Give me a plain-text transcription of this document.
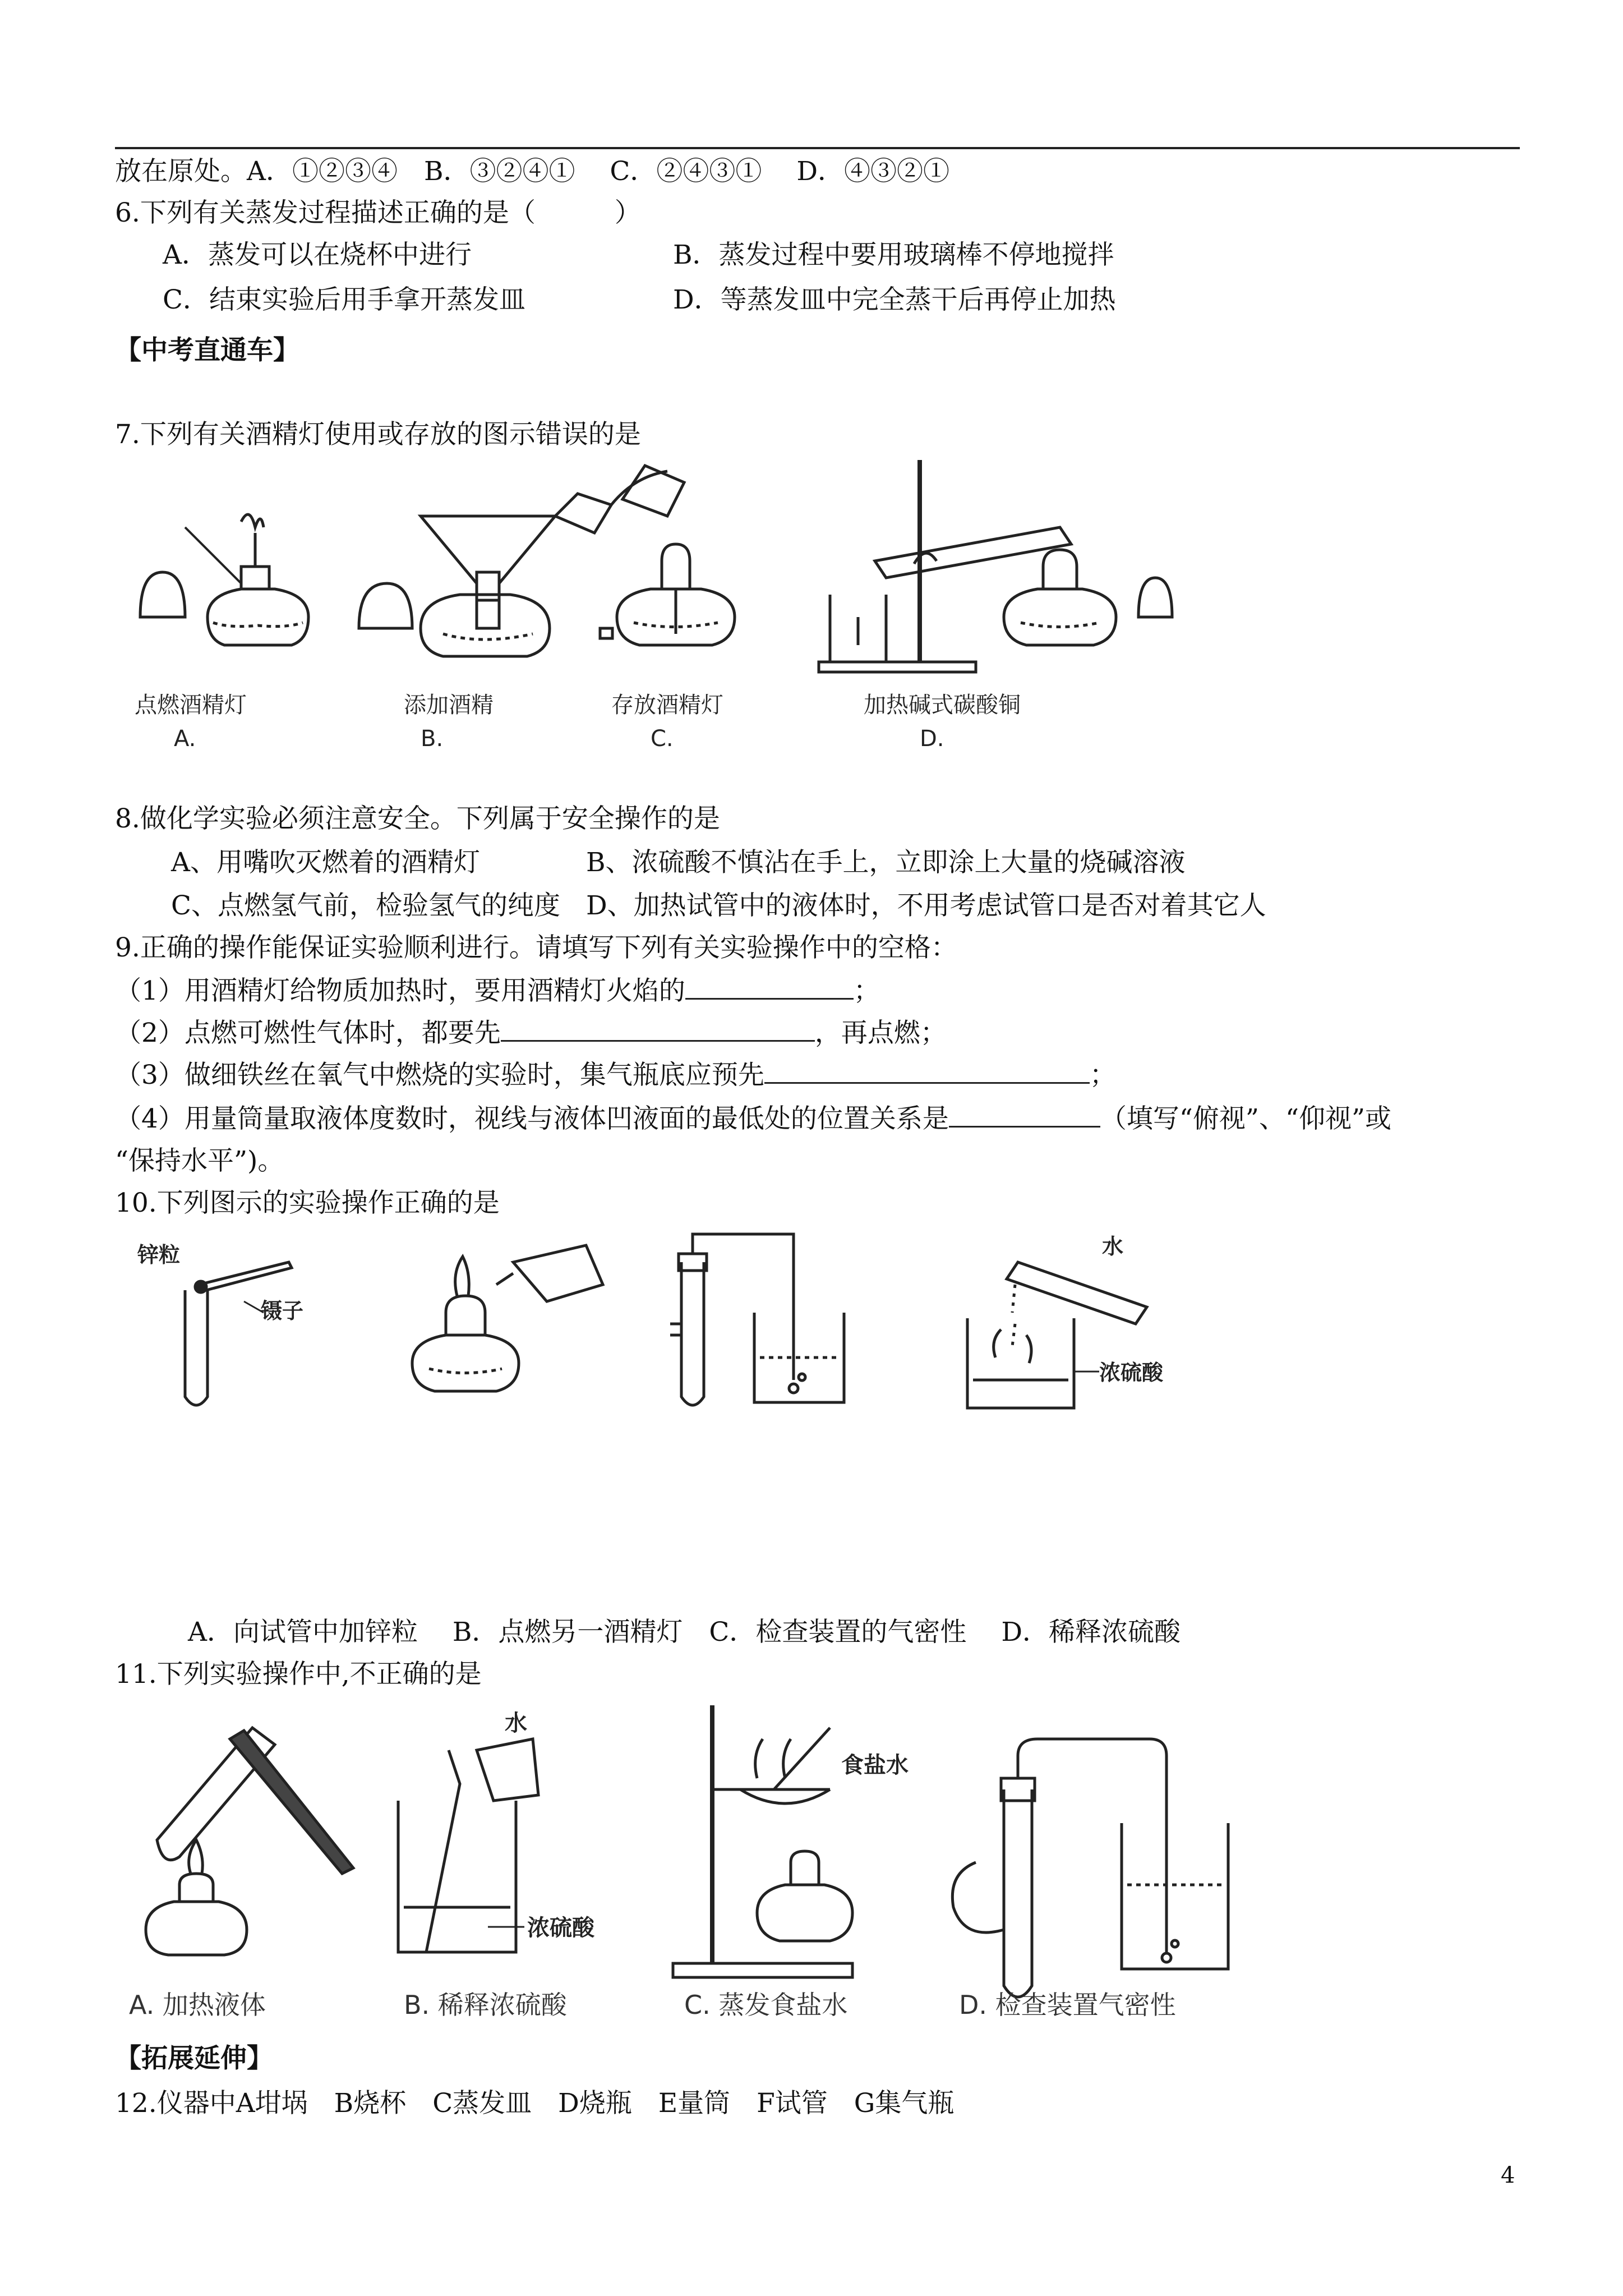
放在原处。A．①②③④　B．③②④①　 C．②④③①　 D．④③②①
6.下列有关蒸发过程描述正确的是（　　　）
A．蒸发可以在烧杯中进行	B．蒸发过程中要用玻璃棒不停地搅拌
C．结束实验后用手拿开蒸发皿	D．等蒸发皿中完全蒸干后再停止加热
【中考直通车】
7.下列有关酒精灯使用或存放的图示错误的是
点燃酒精灯
A.
添加酒精
B.
存放酒精灯
C.
加热碱式碳酸铜
D.
8.做化学实验必须注意安全。下列属于安全操作的是
A、用嘴吹灭燃着的酒精灯	B、浓硫酸不慎沾在手上，立即涂上大量的烧碱溶液
C、点燃氢气前，检验氢气的纯度 D、加热试管中的液体时，不用考虑试管口是否对着其它人
9.正确的操作能保证实验顺利进行。请填写下列有关实验操作中的空格：
（1）用酒精灯给物质加热时，要用酒精灯火焰的	；
（2）点燃可燃性气体时，都要先	，再点燃；
（3）做细铁丝在氧气中燃烧的实验时，集气瓶底应预先	；
（4）用量筒量取液体度数时，视线与液体凹液面的最低处的位置关系是	（填写“俯视”、“仰视”或
“保持水平”)。
10.下列图示的实验操作正确的是
锌粒
镊子
水
浓硫酸
A．向试管中加锌粒　 B．点燃另一酒精灯　C．检查装置的气密性　 D．稀释浓硫酸
11.下列实验操作中,不正确的是
水
浓硫酸
食盐水
A. 加热液体	B. 稀释浓硫酸	C. 蒸发食盐水	D. 检查装置气密性
【拓展延伸】
12.仪器中A坩埚　B烧杯　C蒸发皿　D烧瓶　E量筒　F试管　G集气瓶
4
